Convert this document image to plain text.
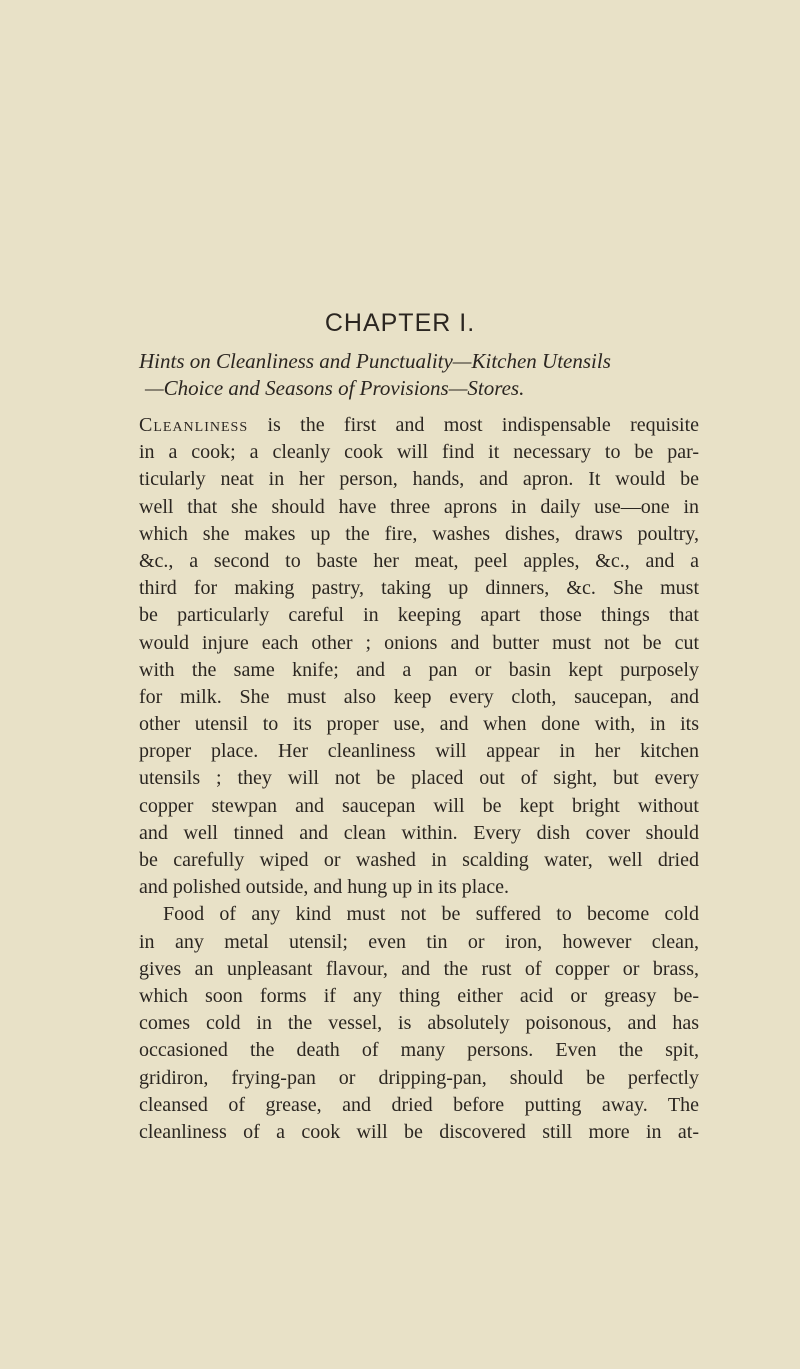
CHAPTER I.
Hints on Cleanliness and Punctuality—Kitchen Utensils
—Choice and Seasons of Provisions—Stores.
Cleanliness is the first and most indispensable requisite
in a cook; a cleanly cook will find it necessary to be par-
ticularly neat in her person, hands, and apron. It would be
well that she should have three aprons in daily use—one in
which she makes up the fire, washes dishes, draws poultry,
&c., a second to baste her meat, peel apples, &c., and a
third for making pastry, taking up dinners, &c. She must
be particularly careful in keeping apart those things that
would injure each other ; onions and butter must not be cut
with the same knife; and a pan or basin kept purposely
for milk. She must also keep every cloth, saucepan, and
other utensil to its proper use, and when done with, in its
proper place. Her cleanliness will appear in her kitchen
utensils ; they will not be placed out of sight, but every
copper stewpan and saucepan will be kept bright without
and well tinned and clean within. Every dish cover should
be carefully wiped or washed in scalding water, well dried
and polished outside, and hung up in its place.
Food of any kind must not be suffered to become cold
in any metal utensil; even tin or iron, however clean,
gives an unpleasant flavour, and the rust of copper or brass,
which soon forms if any thing either acid or greasy be-
comes cold in the vessel, is absolutely poisonous, and has
occasioned the death of many persons. Even the spit,
gridiron, frying-pan or dripping-pan, should be perfectly
cleansed of grease, and dried before putting away. The
cleanliness of a cook will be discovered still more in at-
